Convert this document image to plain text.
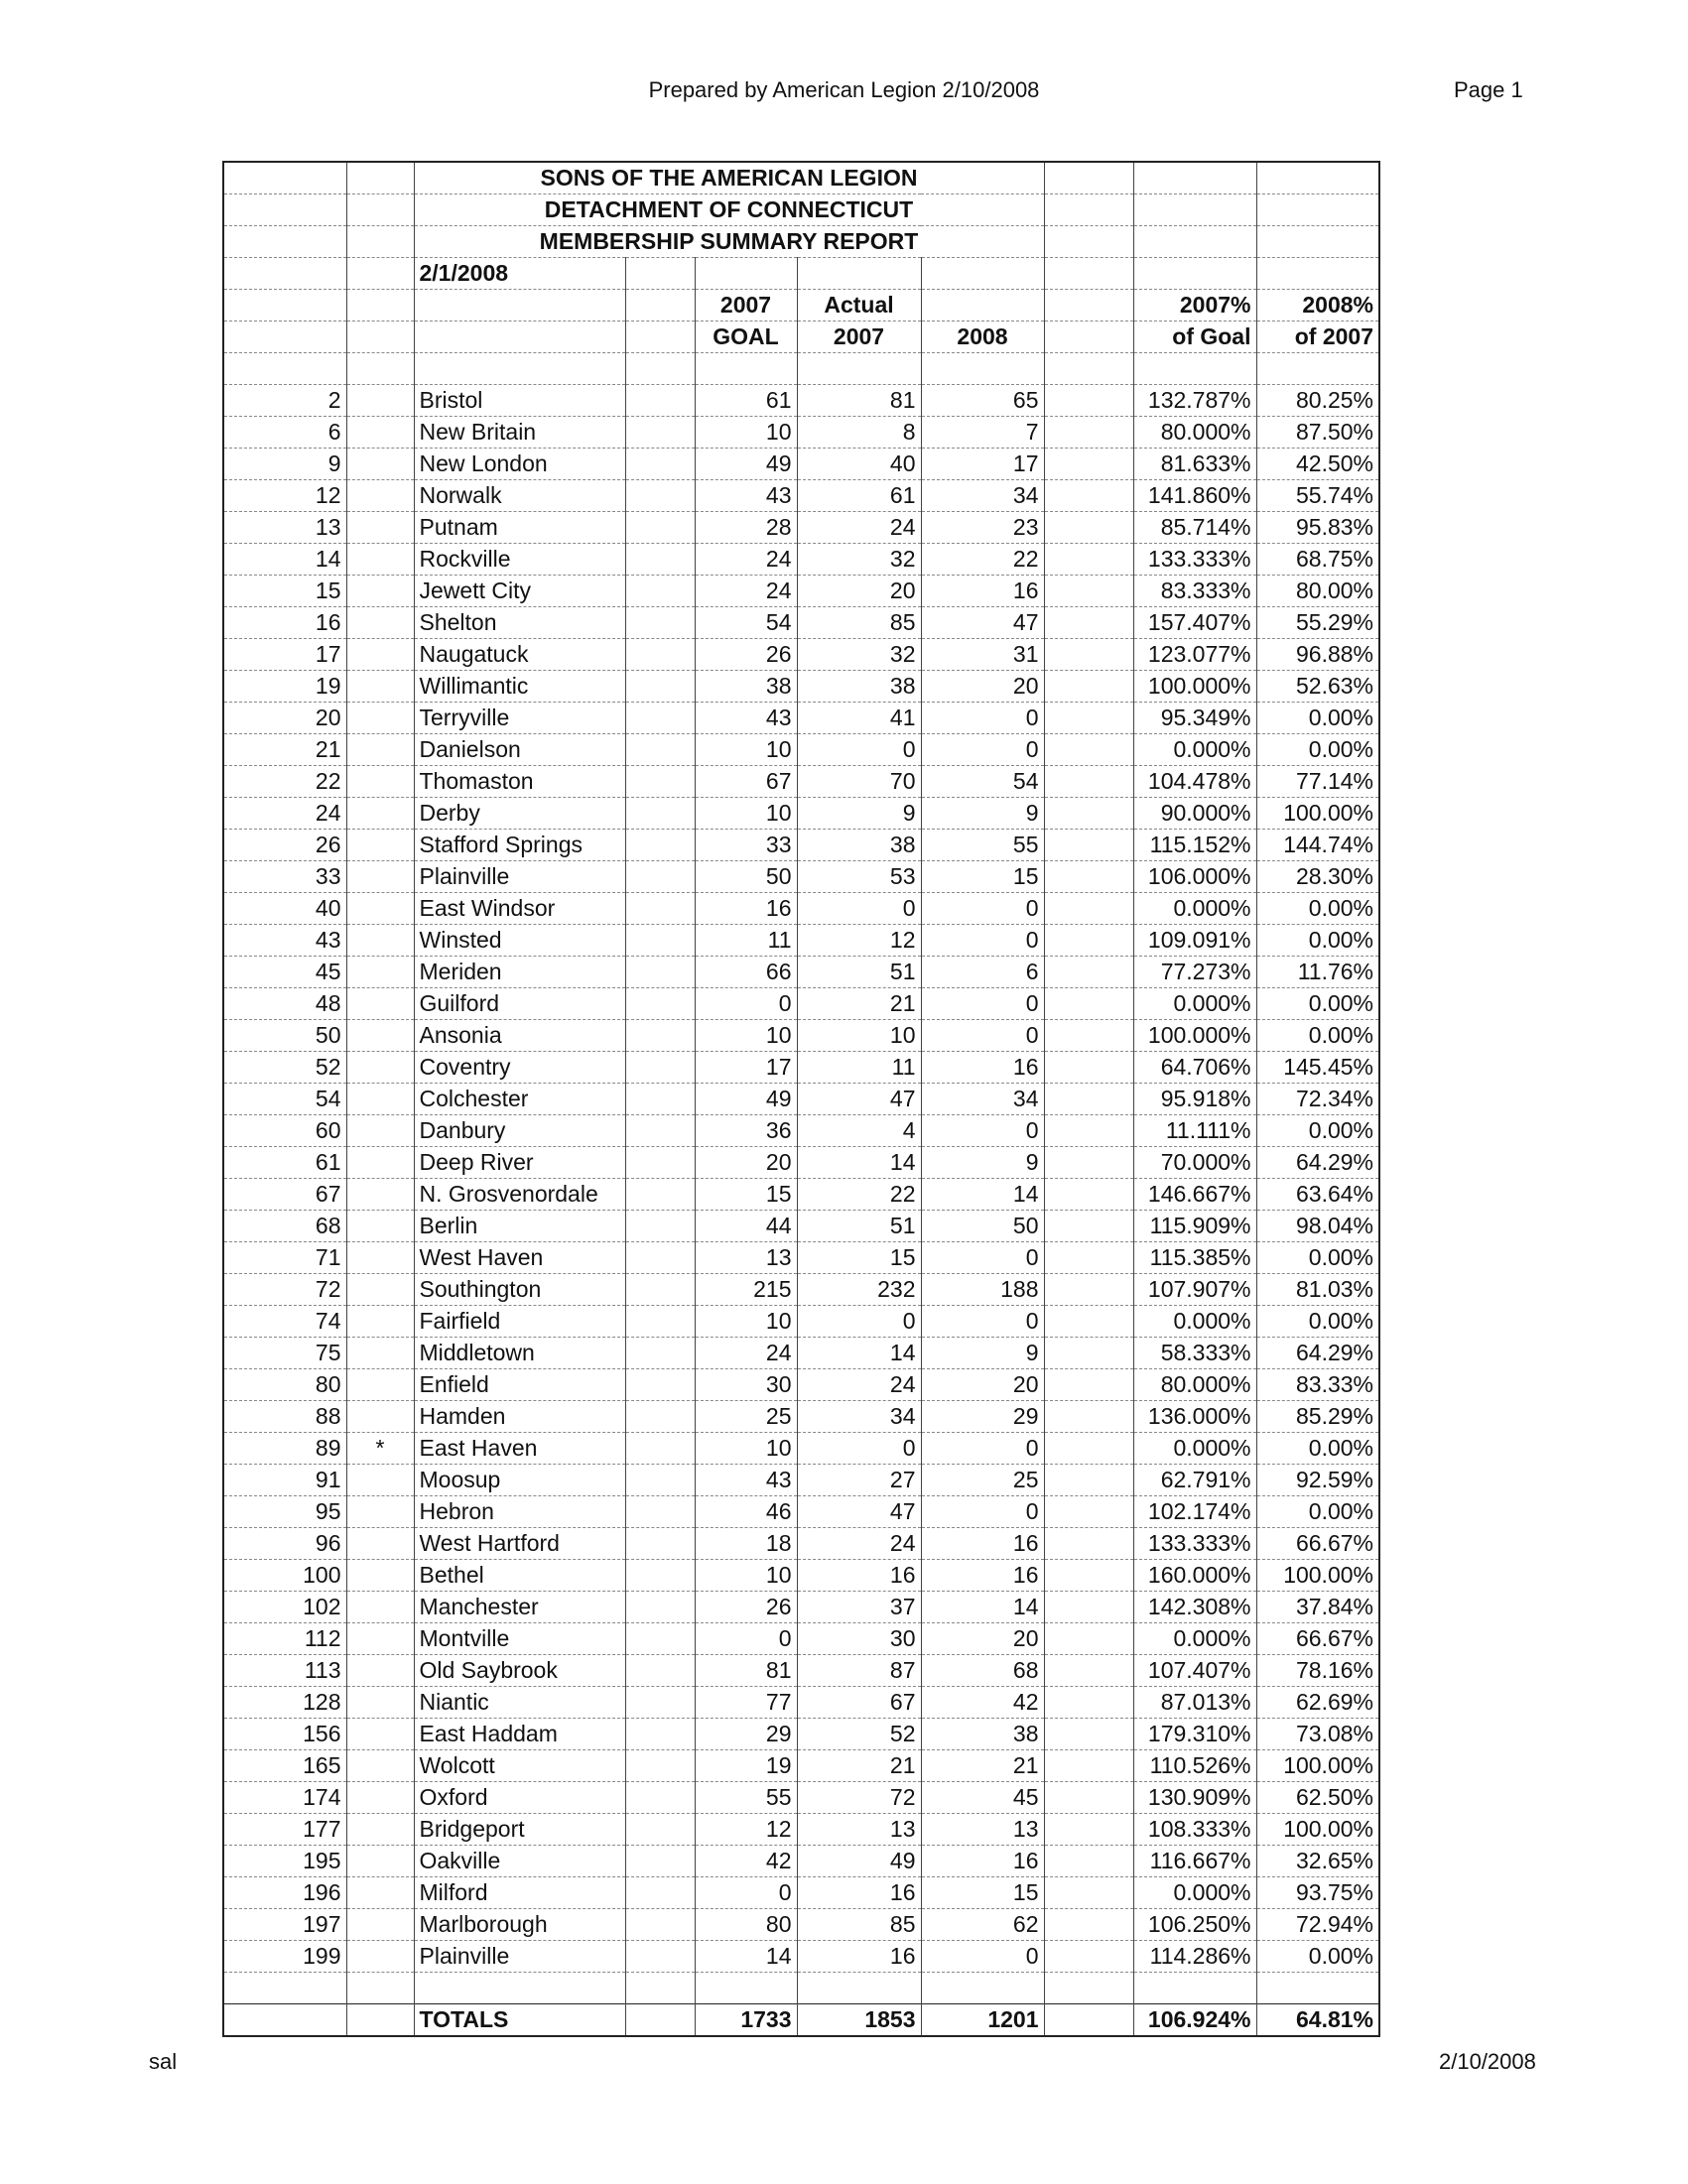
Prepared by American Legion 2/10/2008	Page 1
		SONS OF THE AMERICAN LEGION							
		DETACHMENT OF CONNECTICUT							
		MEMBERSHIP SUMMARY REPORT							
		2/1/2008							
				2007	Actual			2007%	2008%
				GOAL	2007	2008		of Goal	of 2007

2		Bristol		61	81	65		132.787%	80.25%
6		New Britain		10	8	7		80.000%	87.50%
9		New London		49	40	17		81.633%	42.50%
12		Norwalk		43	61	34		141.860%	55.74%
13		Putnam		28	24	23		85.714%	95.83%
14		Rockville		24	32	22		133.333%	68.75%
15		Jewett City		24	20	16		83.333%	80.00%
16		Shelton		54	85	47		157.407%	55.29%
17		Naugatuck		26	32	31		123.077%	96.88%
19		Willimantic		38	38	20		100.000%	52.63%
20		Terryville		43	41	0		95.349%	0.00%
21		Danielson		10	0	0		0.000%	0.00%
22		Thomaston		67	70	54		104.478%	77.14%
24		Derby		10	9	9		90.000%	100.00%
26		Stafford Springs		33	38	55		115.152%	144.74%
33		Plainville		50	53	15		106.000%	28.30%
40		East Windsor		16	0	0		0.000%	0.00%
43		Winsted		11	12	0		109.091%	0.00%
45		Meriden		66	51	6		77.273%	11.76%
48		Guilford		0	21	0		0.000%	0.00%
50		Ansonia		10	10	0		100.000%	0.00%
52		Coventry		17	11	16		64.706%	145.45%
54		Colchester		49	47	34		95.918%	72.34%
60		Danbury		36	4	0		11.111%	0.00%
61		Deep River		20	14	9		70.000%	64.29%
67		N. Grosvenordale		15	22	14		146.667%	63.64%
68		Berlin		44	51	50		115.909%	98.04%
71		West Haven		13	15	0		115.385%	0.00%
72		Southington		215	232	188		107.907%	81.03%
74		Fairfield		10	0	0		0.000%	0.00%
75		Middletown		24	14	9		58.333%	64.29%
80		Enfield		30	24	20		80.000%	83.33%
88		Hamden		25	34	29		136.000%	85.29%
89	*	East Haven		10	0	0		0.000%	0.00%
91		Moosup		43	27	25		62.791%	92.59%
95		Hebron		46	47	0		102.174%	0.00%
96		West Hartford		18	24	16		133.333%	66.67%
100		Bethel		10	16	16		160.000%	100.00%
102		Manchester		26	37	14		142.308%	37.84%
112		Montville		0	30	20		0.000%	66.67%
113		Old Saybrook		81	87	68		107.407%	78.16%
128		Niantic		77	67	42		87.013%	62.69%
156		East Haddam		29	52	38		179.310%	73.08%
165		Wolcott		19	21	21		110.526%	100.00%
174		Oxford		55	72	45		130.909%	62.50%
177		Bridgeport		12	13	13		108.333%	100.00%
195		Oakville		42	49	16		116.667%	32.65%
196		Milford		0	16	15		0.000%	93.75%
197		Marlborough		80	85	62		106.250%	72.94%
199		Plainville		14	16	0		114.286%	0.00%

		TOTALS		1733	1853	1201		106.924%	64.81%
sal	2/10/2008
